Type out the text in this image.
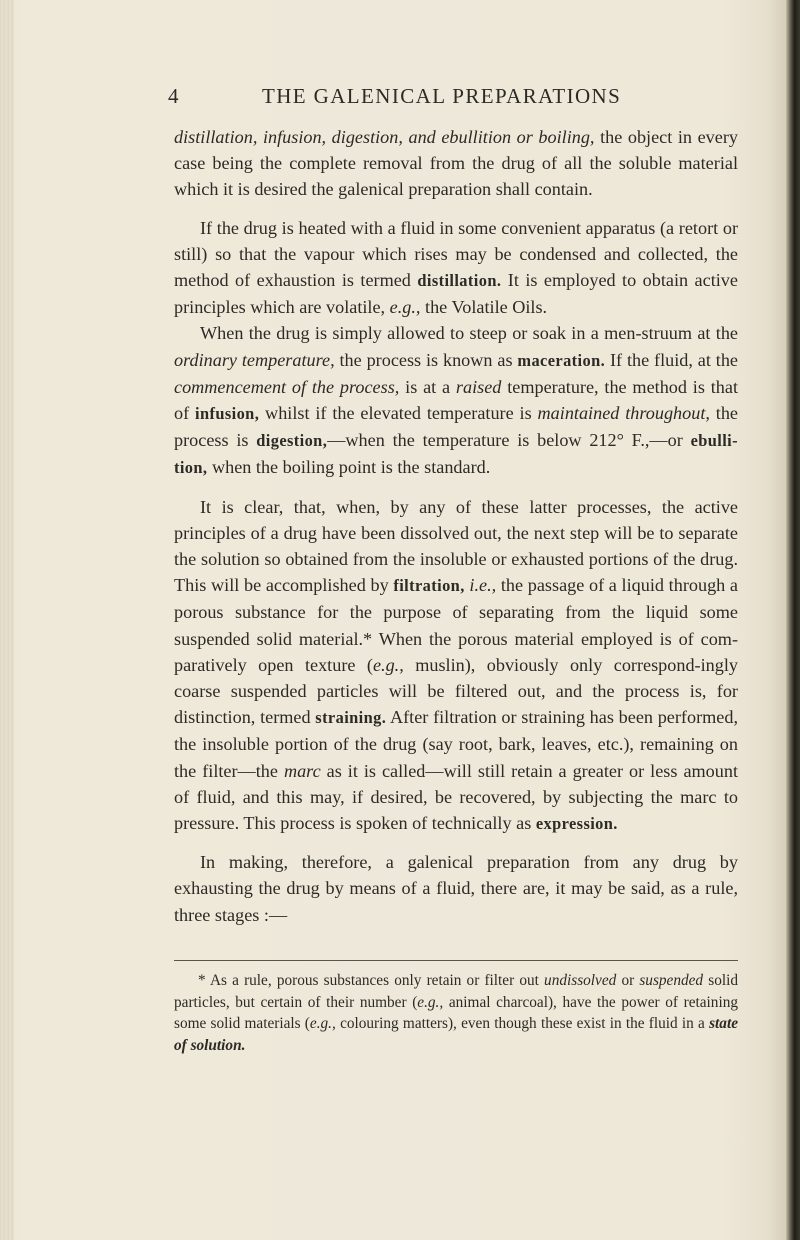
4	THE GALENICAL PREPARATIONS

distillation, infusion, digestion, and ebullition or boiling, the object in every case being the complete removal from the drug of all the soluble material which it is desired the galenical preparation shall contain.

If the drug is heated with a fluid in some convenient apparatus (a retort or still) so that the vapour which rises may be condensed and collected, the method of exhaustion is termed distillation. It is employed to obtain active principles which are volatile, e.g., the Volatile Oils.

When the drug is simply allowed to steep or soak in a men-struum at the ordinary temperature, the process is known as maceration. If the fluid, at the commencement of the process, is at a raised temperature, the method is that of infusion, whilst if the elevated temperature is maintained throughout, the process is digestion,—when the temperature is below 212° F.,—or ebulli-tion, when the boiling point is the standard.

It is clear, that, when, by any of these latter processes, the active principles of a drug have been dissolved out, the next step will be to separate the solution so obtained from the insoluble or exhausted portions of the drug. This will be accomplished by filtration, i.e., the passage of a liquid through a porous substance for the purpose of separating from the liquid some suspended solid material.* When the porous material employed is of com-paratively open texture (e.g., muslin), obviously only correspond-ingly coarse suspended particles will be filtered out, and the process is, for distinction, termed straining. After filtration or straining has been performed, the insoluble portion of the drug (say root, bark, leaves, etc.), remaining on the filter—the marc as it is called—will still retain a greater or less amount of fluid, and this may, if desired, be recovered, by subjecting the marc to pressure. This process is spoken of technically as expression.

In making, therefore, a galenical preparation from any drug by exhausting the drug by means of a fluid, there are, it may be said, as a rule, three stages :—

* As a rule, porous substances only retain or filter out undissolved or suspended solid particles, but certain of their number (e.g., animal charcoal), have the power of retaining some solid materials (e.g., colouring matters), even though these exist in the fluid in a state of solution.
